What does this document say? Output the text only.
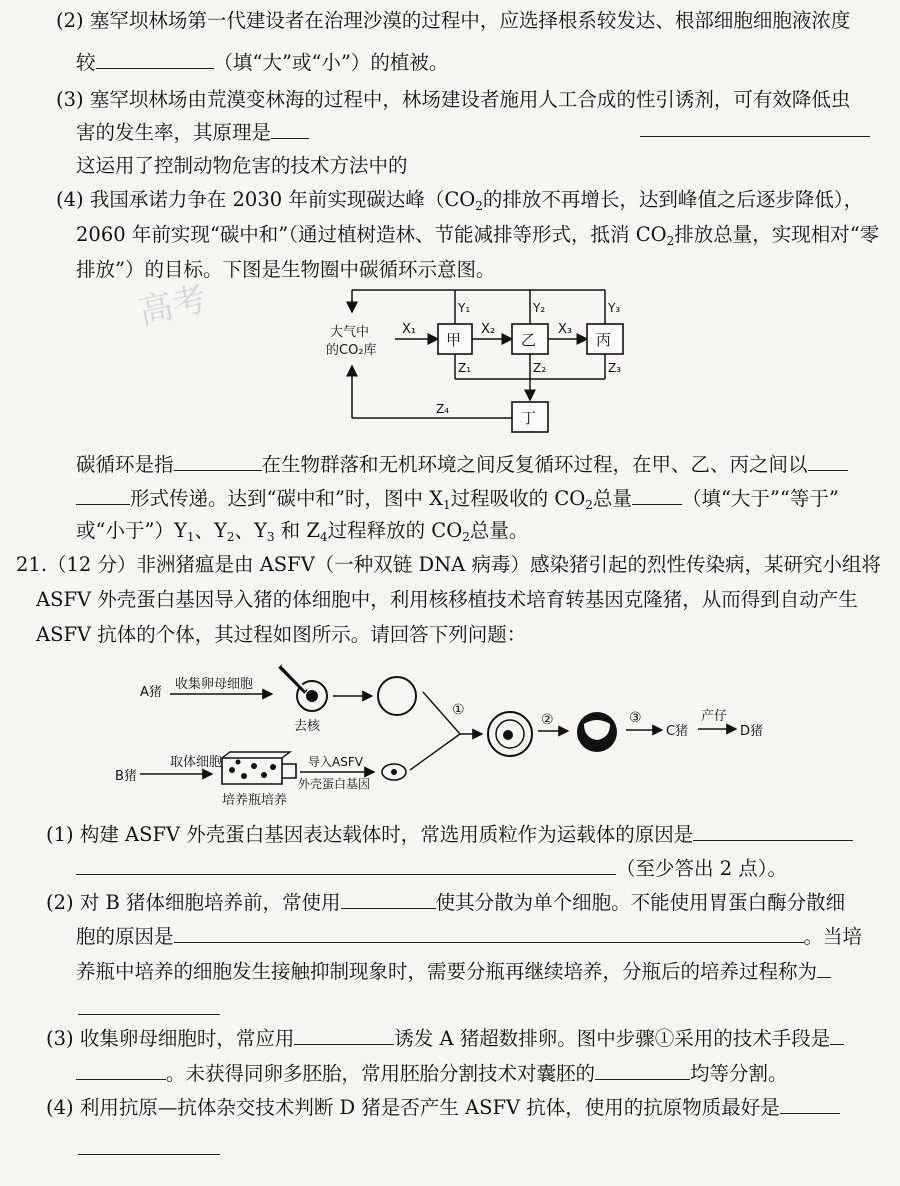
(2) 塞罕坝林场第一代建设者在治理沙漠的过程中，应选择根系较发达、根部细胞细胞液浓度
较	（填“大”或“小”）的植被。
(3) 塞罕坝林场由荒漠变林海的过程中，林场建设者施用人工合成的性引诱剂，可有效降低虫
害的发生率，其原理是
这运用了控制动物危害的技术方法中的
(4) 我国承诺力争在 2030 年前实现碳达峰（$CO_2$的排放不再增长，达到峰值之后逐步降低），
2060 年前实现“碳中和”（通过植树造林、节能减排等形式，抵消 $CO_2$排放总量，实现相对“零
排放”）的目标。下图是生物圈中碳循环示意图。
高考	大气中
的CO₂库
甲	乙	丙
丁
X₁	X₂	X₃
Y₁	Y₂	Y₃
Z₁	Z₂	Z₃
Z₄
碳循环是指	在生物群落和无机环境之间反复循环过程，在甲、乙、丙之间以
形式传递。达到“碳中和”时，图中 $X_1$过程吸收的 $CO_2$总量	（填“大于”“等于”
或“小于$”)Y_1$、$Y_2$、$Y_3$ 和 $Z_4$过程释放的 $CO_2$总量。
21.（12 分）非洲猪瘟是由 ASFV（一种双链 DNA 病毒）感染猪引起的烈性传染病，某研究小组将
ASFV 外壳蛋白基因导入猪的体细胞中，利用核移植技术培育转基因克隆猪，从而得到自动产生
ASFV 抗体的个体，其过程如图所示。请回答下列问题：
A猪
收集卵母细胞
去核
①
②	③
C猪
产仔
D猪
B猪
取体细胞
培养瓶培养
导入ASFV
外壳蛋白基因
(1) 构建 ASFV 外壳蛋白基因表达载体时，常选用质粒作为运载体的原因是
（至少答出 2 点）。
(2) 对 B 猪体细胞培养前，常使用	使其分散为单个细胞。不能使用胃蛋白酶分散细
胞的原因是	。当培
养瓶中培养的细胞发生接触抑制现象时，需要分瓶再继续培养，分瓶后的培养过程称为
(3) 收集卵母细胞时，常应用	诱发 A 猪超数排卵。图中步骤①采用的技术手段是
。未获得同卵多胚胎，常用胚胎分割技术对囊胚的	均等分割。
(4) 利用抗原—抗体杂交技术判断 D 猪是否产生 ASFV 抗体，使用的抗原物质最好是
